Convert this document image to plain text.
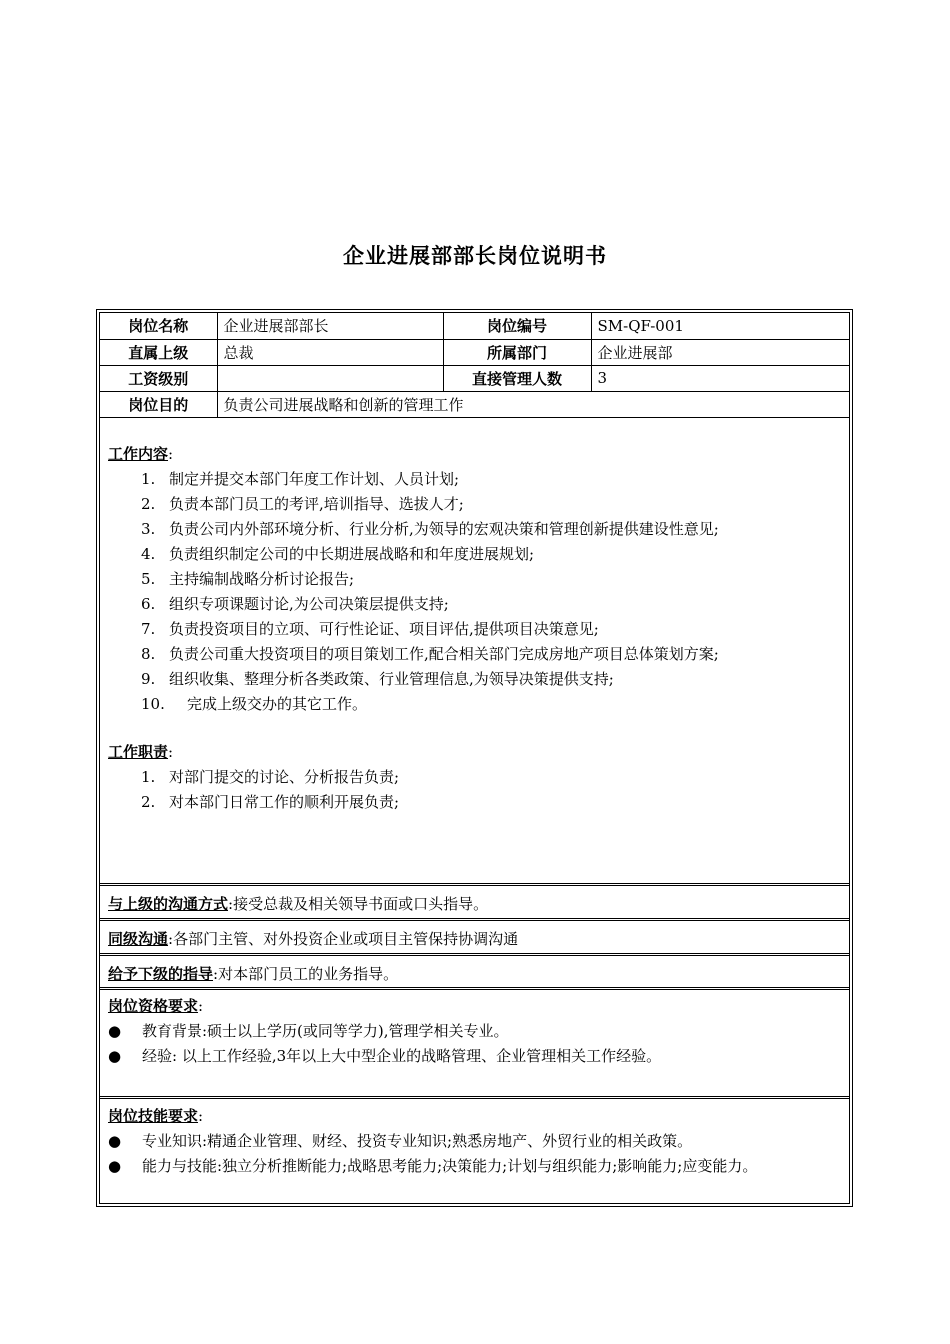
企业进展部部长岗位说明书
岗位名称	企业进展部部长	岗位编号	SM-QF-001
直属上级	总裁	所属部门	企业进展部
工资级别		直接管理人数	3
岗位目的	负责公司进展战略和创新的管理工作		
工作内容:
1. 制定并提交本部门年度工作计划、人员计划;
2. 负责本部门员工的考评,培训指导、选拔人才;
3. 负责公司内外部环境分析、行业分析,为领导的宏观决策和管理创新提供建设性意见;
4. 负责组织制定公司的中长期进展战略和和年度进展规划;
5. 主持编制战略分析讨论报告;
6. 组织专项课题讨论,为公司决策层提供支持;
7. 负责投资项目的立项、可行性论证、项目评估,提供项目决策意见;
8. 负责公司重大投资项目的项目策划工作,配合相关部门完成房地产项目总体策划方案;
9. 组织收集、整理分析各类政策、行业管理信息,为领导决策提供支持;
10. 完成上级交办的其它工作。
工作职责:
1. 对部门提交的讨论、分析报告负责;
2. 对本部门日常工作的顺利开展负责;
与上级的沟通方式:接受总裁及相关领导书面或口头指导。
同级沟通:各部门主管、对外投资企业或项目主管保持协调沟通
给予下级的指导:对本部门员工的业务指导。
岗位资格要求:
● 教育背景:硕士以上学历(或同等学力),管理学相关专业。
● 经验: 以上工作经验,3年以上大中型企业的战略管理、企业管理相关工作经验。
岗位技能要求:
● 专业知识:精通企业管理、财经、投资专业知识;熟悉房地产、外贸行业的相关政策。
● 能力与技能:独立分析推断能力;战略思考能力;决策能力;计划与组织能力;影响能力;应变能力。
